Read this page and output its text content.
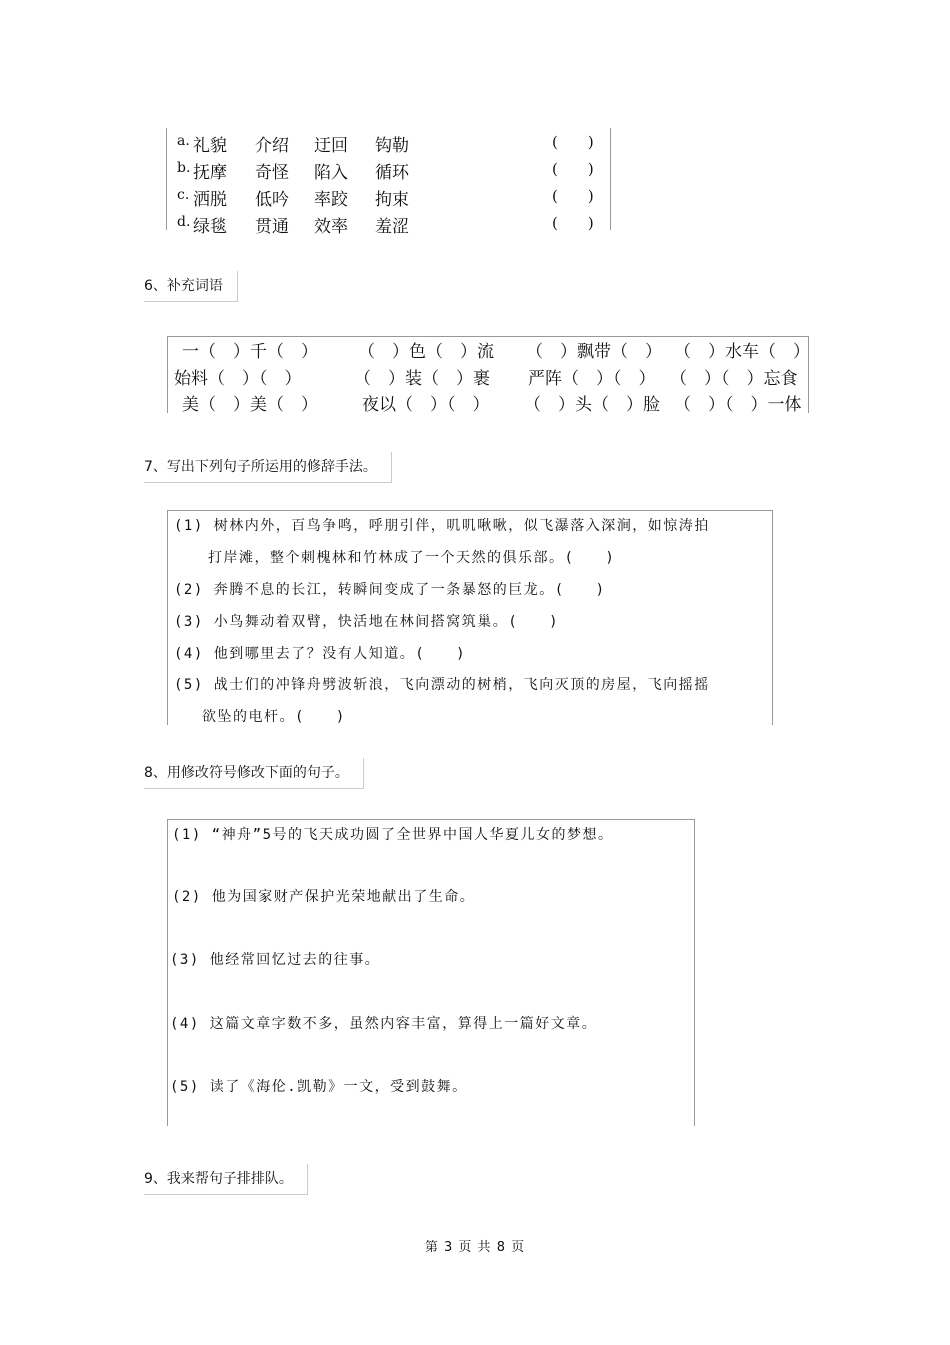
a. 礼貌 介绍 迂回 钩勒	(　　)
b. 抚摩 奇怪 陷入 循环	(　　)
c. 洒脱 低吟 率跤 拘束	(　　)
d. 绿毯 贯通 效率 羞涩	(　　)
6、补充词语
一（　）千（　） （　）色（　）流 （　）飘带（　） （　）水车（　）
始料（　）（　）	（　）装（　）裹 严阵（　）（　） （　）（　）忘食
美（　）美（　）	夜以（　）（　） （　）头（　）脸 （　）（　）一体
7、写出下列句子所运用的修辞手法。
(1) 树林内外，百鸟争鸣，呼朋引伴，叽叽啾啾，似飞瀑落入深涧，如惊涛拍
打岸滩，整个刺槐林和竹林成了一个天然的俱乐部。(　　)
(2) 奔腾不息的长江，转瞬间变成了一条暴怒的巨龙。(　　)
(3) 小鸟舞动着双臂，快活地在林间搭窝筑巢。(　　)
(4) 他到哪里去了？没有人知道。(　　)
(5) 战士们的冲锋舟劈波斩浪，飞向漂动的树梢，飞向灭顶的房屋，飞向摇摇
欲坠的电杆。(　　)
8、用修改符号修改下面的句子。
(1) “神舟”5号的飞天成功圆了全世界中国人华夏儿女的梦想。
(2) 他为国家财产保护光荣地献出了生命。
(3) 他经常回忆过去的往事。
(4) 这篇文章字数不多，虽然内容丰富，算得上一篇好文章。
(5) 读了《海伦.凯勒》一文，受到鼓舞。
9、我来帮句子排排队。
第 3 页 共 8 页
